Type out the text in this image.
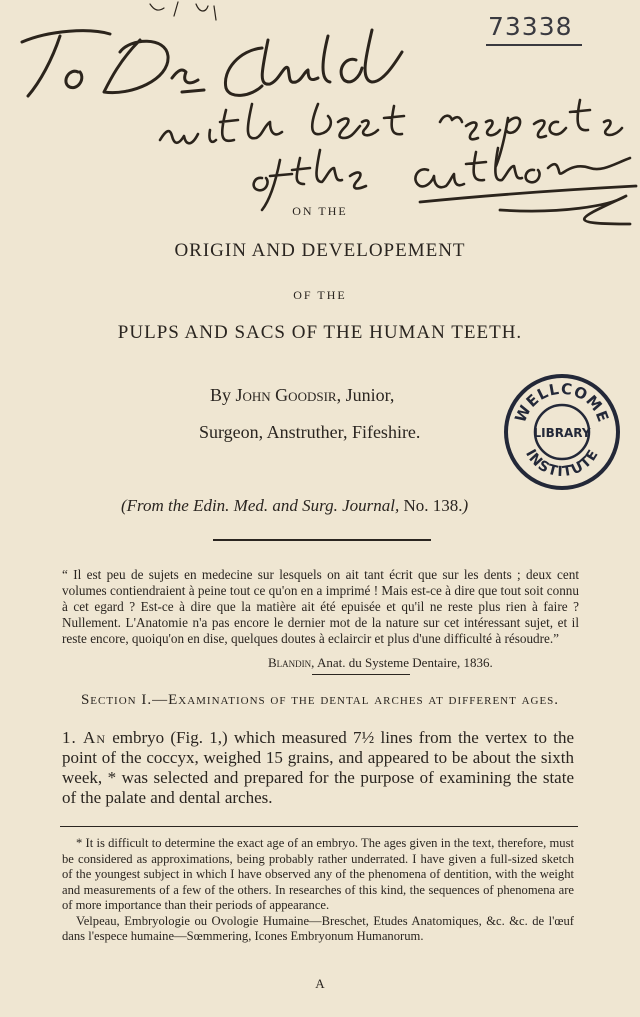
73338
ON THE
ORIGIN AND DEVELOPEMENT
OF THE
PULPS AND SACS OF THE HUMAN TEETH.
By John Goodsir, Junior,
Surgeon, Anstruther, Fifeshire.
WELLCOME
LIBRARY
INSTITUTE
(From the Edin. Med. and Surg. Journal, No. 138.)

“ Il est peu de sujets en medecine sur lesquels on ait tant écrit que sur les dents ; deux cent volumes contiendraient à peine tout ce qu'on en a imprimé ! Mais est-ce à dire que tout soit connu à cet egard ? Est-ce à dire que la matière ait été epuisée et qu'il ne reste plus rien à faire ? Nullement. L'Anatomie n'a pas encore le dernier mot de la nature sur cet intéressant sujet, et il reste encore, quoiqu'on en dise, quelques doutes à eclaircir et plus d'une difficulté à résoudre.”

Blandin, Anat. du Systeme Dentaire, 1836.
Section I.—Examinations of the dental arches at different ages.

1. An embryo (Fig. 1,) which measured 7½ lines from the vertex to the point of the coccyx, weighed 15 grains, and appeared to be about the sixth week, * was selected and prepared for the purpose of examining the state of the palate and dental arches.

* It is difficult to determine the exact age of an embryo. The ages given in the text, therefore, must be considered as approximations, being probably rather underrated. I have given a full-sized sketch of the youngest subject in which I have observed any of the phenomena of dentition, with the weight and measurements of a few of the others. In researches of this kind, the sequences of phenomena are of more importance than their periods of appearance.

Velpeau, Embryologie ou Ovologie Humaine—Breschet, Etudes Anatomiques, &c. &c. de l'œuf dans l'espece humaine—Sœmmering, Icones Embryonum Humanorum.

A
